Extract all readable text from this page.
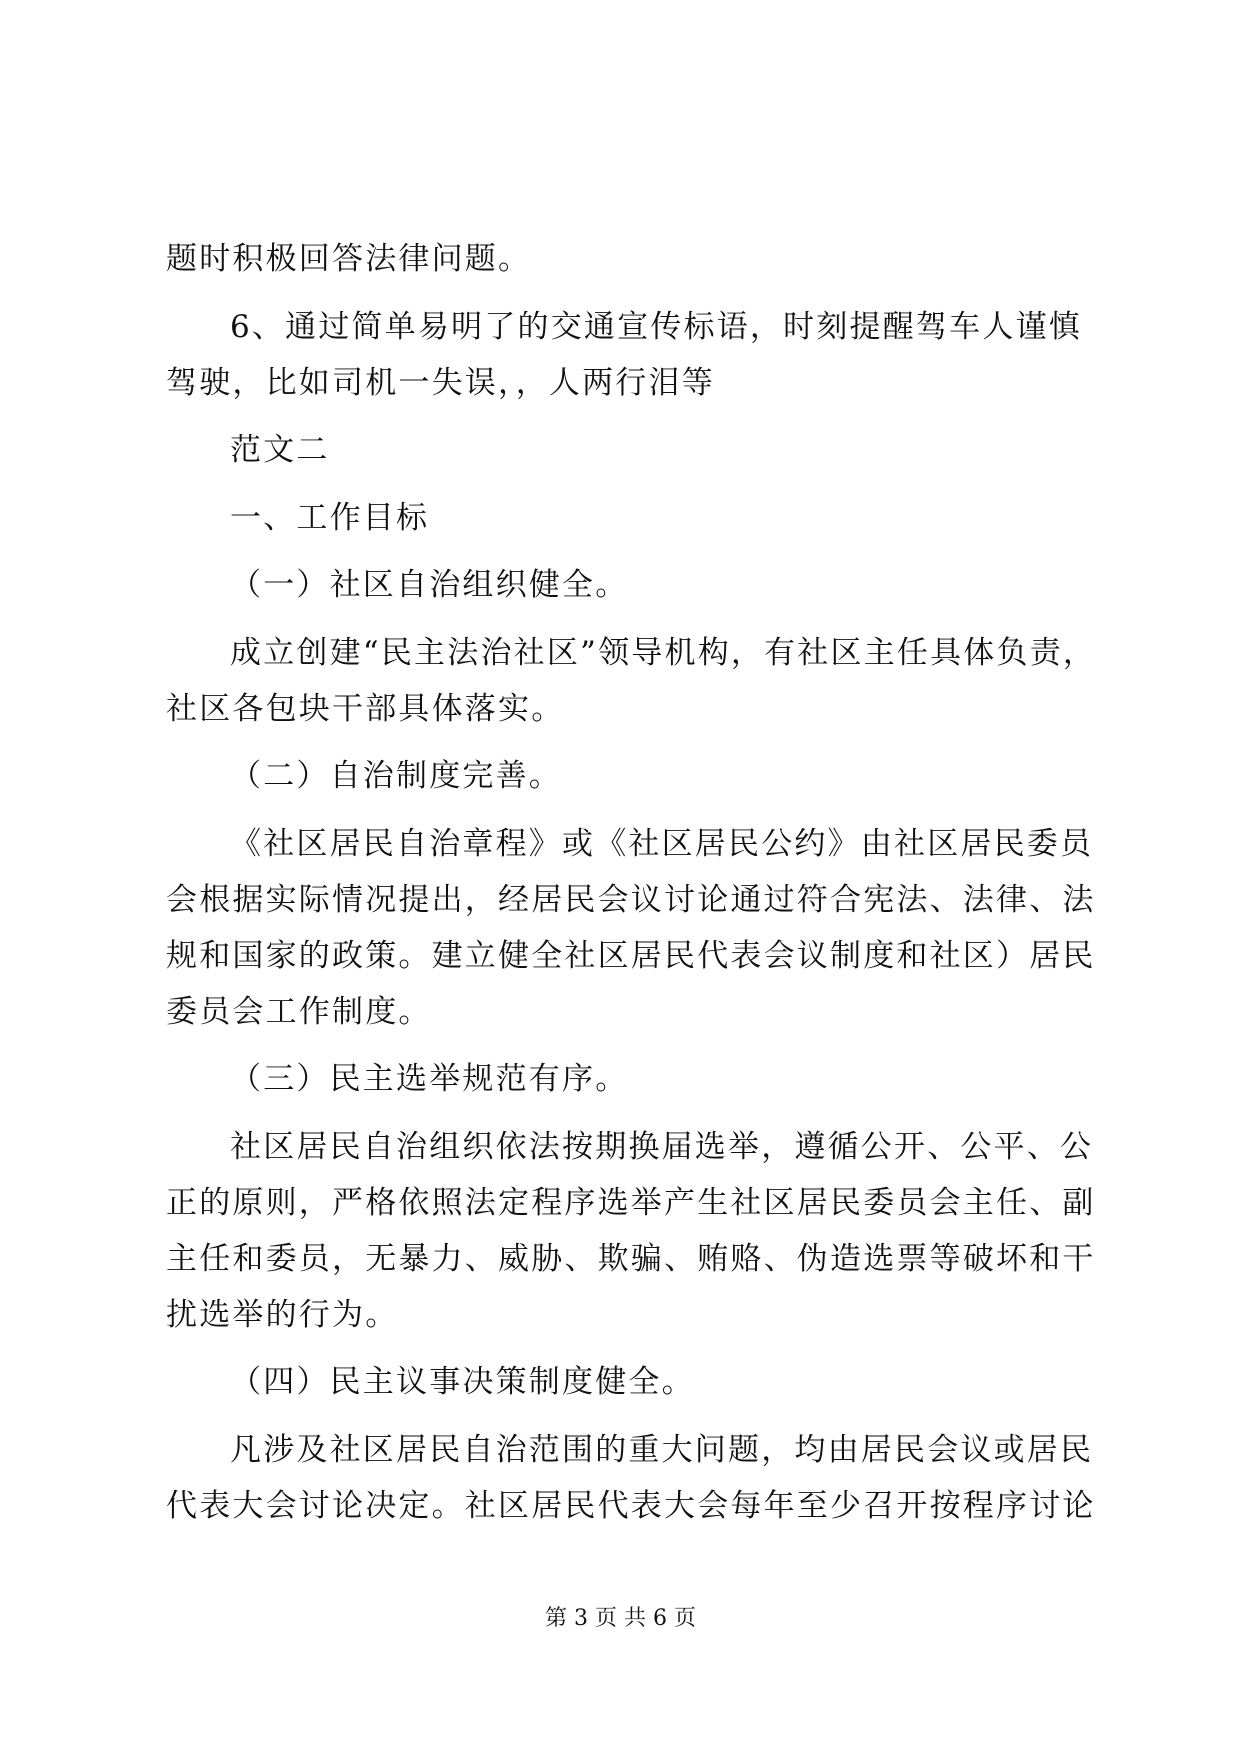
题时积极回答法律问题。
6、通过简单易明了的交通宣传标语，时刻提醒驾车人谨慎
驾驶，比如司机一失误，，人两行泪等
范文二
一、工作目标
（一）社区自治组织健全。
成立创建“民主法治社区”领导机构，有社区主任具体负责，
社区各包块干部具体落实。
（二）自治制度完善。
《社区居民自治章程》或《社区居民公约》由社区居民委员
会根据实际情况提出，经居民会议讨论通过符合宪法、法律、法
规和国家的政策。建立健全社区居民代表会议制度和社区）居民
委员会工作制度。
（三）民主选举规范有序。
社区居民自治组织依法按期换届选举，遵循公开、公平、公
正的原则，严格依照法定程序选举产生社区居民委员会主任、副
主任和委员，无暴力、威胁、欺骗、贿赂、伪造选票等破坏和干
扰选举的行为。
（四）民主议事决策制度健全。
凡涉及社区居民自治范围的重大问题，均由居民会议或居民
代表大会讨论决定。社区居民代表大会每年至少召开按程序讨论
第 3 页 共 6 页
